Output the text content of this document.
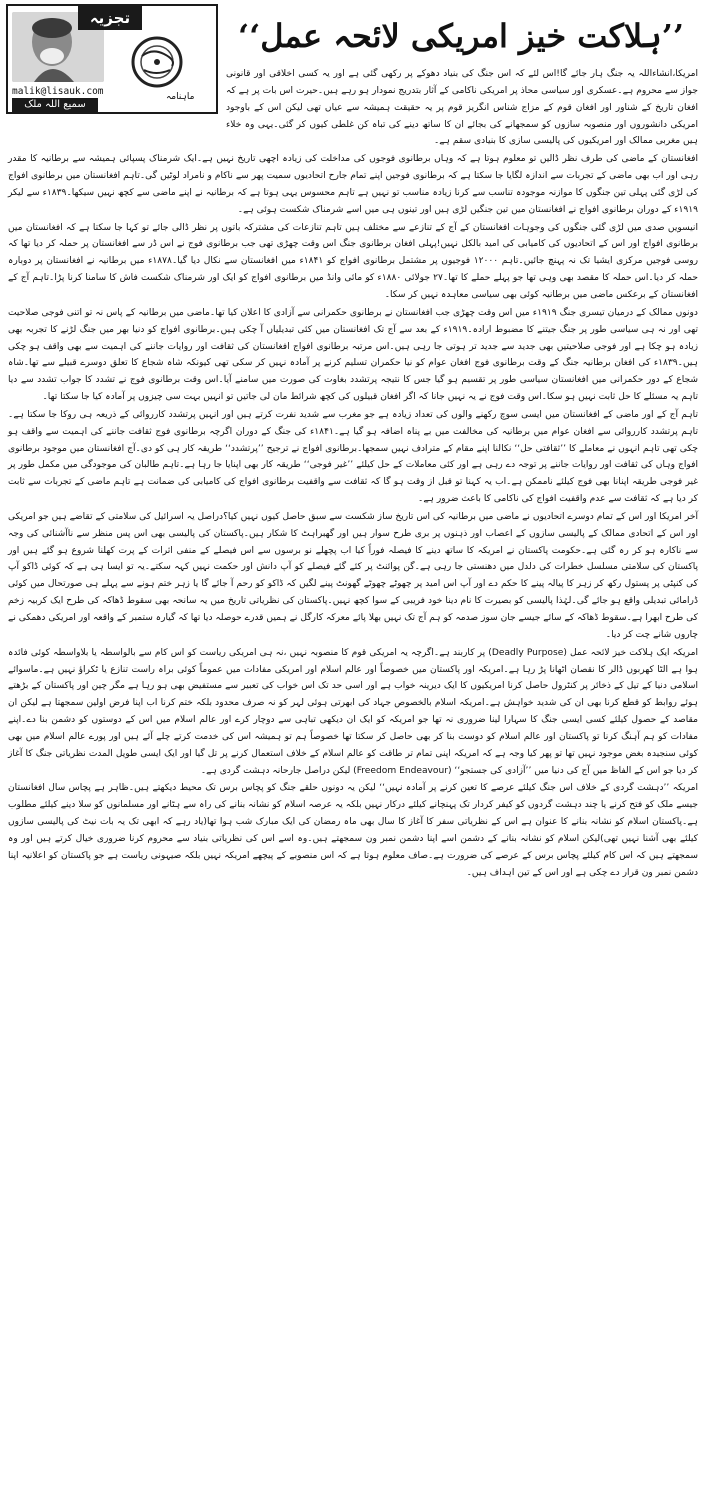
تجزیہ
ماہنامہ
malik@lisauk.com
سمیع اللہ ملک
’’ہلاکت خیز امریکی لائحہ عمل‘‘

امریکا،انشاءاللہ یہ جنگ ہار جائے گا!اس لئے کہ اس جنگ کی بنیاد دھوکے پر رکھی گئی ہے اور یہ کسی اخلاقی اور قانونی جواز سے محروم ہے۔عسکری اور سیاسی محاذ پر امریکی ناکامی کے آثار بتدریج نمودار ہو رہے ہیں۔حیرت اس بات پر ہے کہ افغان تاریخ کے شناور اور افغان قوم کے مزاج شناس انگریز قوم پر یہ حقیقت ہمیشہ سے عیاں تھی لیکن اس کے باوجود امریکی دانشوروں اور منصوبہ سازوں کو سمجھانے کی بجائے ان کا ساتھ دینے کی تباہ کن غلطی کیوں کر گئی۔یہی وہ خلاء ہیں مغربی ممالک اور امریکیوں کی پالیسی سازی کا بنیادی سقم ہے۔

افغانستان کے ماضی کی طرف نظر ڈالیں تو معلوم ہوتا ہے کہ وہاں برطانوی فوجوں کی مداخلت کی زیادہ اچھی تاریخ نہیں ہے۔ایک شرمناک پسپائی ہمیشہ سے برطانیہ کا مقدر رہی اور اب بھی ماضی کے تجربات سے اندازہ لگایا جا سکتا ہے کہ برطانوی فوجیں اپنے تمام جارح اتحادیوں سمیت پھر سے ناکام و نامراد لوٹیں گی۔تاہم افغانستان میں برطانوی افواج کی لڑی گئی پہلی تین جنگوں کا موازنہ موجودہ تناسب سے کرنا زیادہ مناسب تو نہیں ہے تاہم محسوس یہی ہوتا ہے کہ برطانیہ نے اپنے ماضی سے کچھ نہیں سیکھا۔۱۸۳۹ء سے لیکر ۱۹۱۹ء کے دوران برطانوی افواج نے افغانستان میں تین جنگیں لڑی ہیں اور تینوں ہی میں اسے شرمناک شکست ہوئی ہے۔

انیسویں صدی میں لڑی گئی جنگوں کی وجوہات افغانستان کے آج کے تنازعے سے مختلف ہیں تاہم تنازعات کی مشترکہ باتوں پر نظر ڈالی جائے تو کہا جا سکتا ہے کہ افغانستان میں برطانوی افواج اور اس کے اتحادیوں کی کامیابی کی امید بالکل نہیں!پہلی افغان برطانوی جنگ اس وقت چھڑی تھی جب برطانوی فوج نے اس ڈر سے افغانستان پر حملہ کر دیا تھا کہ روسی فوجیں مرکزی ایشیا تک نہ پہنچ جائیں۔تاہم ۱۲۰۰۰ فوجیوں پر مشتمل برطانوی افواج کو ۱۸۴۱ء میں افغانستان سے نکال دیا گیا۔۱۸۷۸ء میں برطانیہ نے افغانستان پر دوبارہ حملہ کر دیا۔اس حملہ کا مقصد بھی وہی تھا جو پہلے حملے کا تھا۔۲۷ جولائی ۱۸۸۰ء کو مائی وانڈ میں برطانوی افواج کو ایک اور شرمناک شکست فاش کا سامنا کرنا پڑا۔تاہم آج کے افغانستان کے برعکس ماضی میں برطانیہ کوئی بھی سیاسی معاہدہ نہیں کر سکا۔

دونوں ممالک کے درمیان تیسری جنگ ۱۹۱۹ء میں اس وقت چھڑی جب افغانستان نے برطانوی حکمرانی سے آزادی کا اعلان کیا تھا۔ماضی میں برطانیہ کے پاس نہ تو اتنی فوجی صلاحیت تھی اور نہ ہی سیاسی طور پر جنگ جیتنے کا مضبوط ارادہ۔۱۹۱۹ء کے بعد سے آج تک افغانستان میں کئی تبدیلیاں آ چکی ہیں۔برطانوی افواج کو دنیا بھر میں جنگ لڑنے کا تجربہ بھی زیادہ ہو چکا ہے اور فوجی صلاحیتیں بھی جدید سے جدید تر ہوتی جا رہی ہیں۔اس مرتبہ برطانوی افواج افغانستان کی ثقافت اور روایات جاننے کی اہمیت سے بھی واقف ہو چکی ہیں۔۱۸۳۹ء کی افغان برطانیہ جنگ کے وقت برطانوی فوج افغان عوام کو نیا حکمران تسلیم کرنے پر آمادہ نہیں کر سکی تھی کیونکہ شاہ شجاع کا تعلق دوسرے قبیلے سے تھا۔شاہ شجاع کے دور حکمرانی میں افغانستان سیاسی طور پر تقسیم ہو گیا جس کا نتیجہ پرتشدد بغاوت کی صورت میں سامنے آیا۔اس وقت برطانوی فوج نے تشدد کا جواب تشدد سے دیا تاہم یہ مسئلے کا حل ثابت نہیں ہو سکا۔اس وقت فوج نے یہ نہیں جانا کہ اگر افغان قبیلوں کی کچھ شرائط مان لی جاتیں تو انہیں بہت سی چیزوں پر آمادہ کیا جا سکتا تھا۔

تاہم آج کے اور ماضی کے افغانستان میں ایسی سوچ رکھنے والوں کی تعداد زیادہ ہے جو مغرب سے شدید نفرت کرتے ہیں اور انہیں پرتشدد کارروائی کے ذریعہ ہی روکا جا سکتا ہے۔تاہم پرتشدد کارروائی سے افغان عوام میں برطانیہ کی مخالفت میں بے پناہ اضافہ ہو گیا ہے۔۱۸۴۱ء کی جنگ کے دوران اگرچہ برطانوی فوج ثقافت جاننے کی اہمیت سے واقف ہو چکی تھی تاہم انہوں نے معاملے کا ’’ثقافتی حل‘‘ نکالنا اپنے مقام کے مترادف نہیں سمجھا۔برطانوی افواج نے ترجیح ’’پرتشدد‘‘ طریقہ کار ہی کو دی۔آج افغانستان میں موجود برطانوی افواج وہاں کی ثقافت اور روایات جاننے پر توجہ دے رہی ہے اور کئی معاملات کے حل کیلئے ’’غیر فوجی‘‘ طریقہ کار بھی اپنایا جا رہا ہے۔تاہم طالبان کی موجودگی میں مکمل طور پر غیر فوجی طریقہ اپنانا بھی فوج کیلئے ناممکن ہے۔اب یہ کہنا تو قبل از وقت ہو گا کہ ثقافت سے واقفیت برطانوی افواج کی کامیابی کی ضمانت ہے تاہم ماضی کے تجربات سے ثابت کر دیا ہے کہ ثقافت سے عدم واقفیت افواج کی ناکامی کا باعث ضرور ہے۔

آخر امریکا اور اس کے تمام دوسرے اتحادیوں نے ماضی میں برطانیہ کی اس تاریخ ساز شکست سے سبق حاصل کیوں نہیں کیا؟دراصل یہ اسرائیل کی سلامتی کے تقاضے ہیں جو امریکی اور اس کے اتحادی ممالک کے پالیسی سازوں کے اعصاب اور ذہنوں پر بری طرح سوار ہیں اور گھبراہٹ کا شکار ہیں۔پاکستان کی پالیسی بھی اس پس منظر سے ناآشنائی کی وجہ سے ناکارہ ہو کر رہ گئی ہے۔حکومت پاکستان نے امریکہ کا ساتھ دینے کا فیصلہ فوراً کیا اب پچھلے نو برسوں سے اس فیصلے کے منفی اثرات کے پرت کھلنا شروع ہو گئے ہیں اور پاکستان کی سلامتی مسلسل خطرات کی دلدل میں دھنستی جا رہی ہے۔گن پوائنٹ پر کئے گئے فیصلے کو آپ دانش اور حکمت نہیں کہہ سکتے۔یہ تو ایسا ہی ہے کہ کوئی ڈاکو آپ کی کنپٹی پر پستول رکھ کر زہر کا پیالہ پینے کا حکم دے اور آپ اس امید پر چھوٹے چھوٹے گھونٹ پینے لگیں کہ ڈاکو کو رحم آ جائے گا یا زہر ختم ہونے سے پہلے ہی صورتحال میں کوئی ڈرامائی تبدیلی واقع ہو جائے گی۔لہٰذا پالیسی کو بصیرت کا نام دینا خود فریبی کے سوا کچھ نہیں۔پاکستان کی نظریاتی تاریخ میں یہ سانحہ بھی سقوط ڈھاکہ کی طرح ایک کربیہ زخم کی طرح ابھرا ہے۔سقوط ڈھاکہ کے سائے جیسے جان سوز صدمہ کو ہم آج تک نہیں بھلا پائے معرکہ کارگل نے ہمیں قدرے حوصلہ دیا تھا کہ گیارہ ستمبر کے واقعہ اور امریکی دھمکی نے چاروں شانے چت کر دیا۔

امریکہ ایک ہلاکت خیز لائحہ عمل (Deadly Purpose) پر کاربند ہے۔اگرچہ یہ امریکی قوم کا منصوبہ نہیں ،نہ ہی امریکی ریاست کو اس کام سے بالواسطہ یا بلاواسطہ کوئی فائدہ ہوا ہے الٹا کھربوں ڈالر کا نقصان اٹھانا پڑ رہا ہے۔امریکہ اور پاکستان میں خصوصاً اور عالم اسلام اور امریکی مفادات میں عموماً کوئی براہ راست تنازع یا ٹکراؤ نہیں ہے۔ماسوائے اسلامی دنیا کے تیل کے ذخائر پر کنٹرول حاصل کرنا امریکیوں کا ایک دیرینہ خواب ہے اور اسی حد تک اس خواب کی تعبیر سے مستفیض بھی ہو رہا ہے مگر چین اور پاکستان کے بڑھتے ہوئے روابط کو قطع کرنا بھی ان کی شدید خواہش ہے۔امریکہ اسلام بالخصوص جہاد کی ابھرتی ہوئی لہر کو نہ صرف محدود بلکہ ختم کرنا اب اپنا فرض اولین سمجھتا ہے لیکن ان مقاصد کے حصول کیلئے کسی ایسی جنگ کا سہارا لینا ضروری نہ تھا جو امریکہ کو ایک ان دیکھی تباہی سے دوچار کرے اور عالم اسلام میں اس کے دوستوں کو دشمن بنا دے۔اپنے مفادات کو ہم آہنگ کرنا تو پاکستان اور عالم اسلام کو دوست بنا کر بھی حاصل کر سکتا تھا خصوصاً ہم تو ہمیشہ اس کی خدمت کرتے چلے آئے ہیں اور پورے عالم اسلام میں بھی کوئی سنجیدہ بغض موجود نہیں تھا تو پھر کیا وجہ ہے کہ امریکہ اپنی تمام تر طاقت کو عالم اسلام کے خلاف استعمال کرنے پر تل گیا اور ایک ایسی طویل المدت نظریاتی جنگ کا آغاز کر دیا جو اس کے الفاظ میں آج کی دنیا میں ’’آزادی کی جستجو‘‘ (Freedom Endeavour) لیکن دراصل جارحانہ دہشت گردی ہے۔

امریکہ ’’دہشت گردی کے خلاف اس جنگ کیلئے عرصے کا تعین کرنے پر آمادہ نہیں‘‘ لیکن یہ دونوں حلقے جنگ کو پچاس برس تک محیط دیکھتے ہیں۔ظاہر ہے پچاس سال افغانستان جیسے ملک کو فتح کرنے یا چند دہشت گردوں کو کیفر کردار تک پہنچانے کیلئے درکار نہیں بلکہ یہ عرصہ اسلام کو نشانہ بنانے کی راہ سے ہٹانے اور مسلمانوں کو سلا دینے کیلئے مطلوب ہے۔پاکستان اسلام کو نشانہ بنانے کا عنوان ہے اس کے نظریاتی سفر کا آغاز کا سال بھی ماہ رمضان کی ایک مبارک شب ہوا تھا(یاد رہے کہ ابھی تک یہ بات نیٹ کی پالیسی سازوں کیلئے بھی آشنا نہیں تھی)لیکن اسلام کو نشانہ بنانے کے دشمن اسے اپنا دشمن نمبر ون سمجھتے ہیں۔وہ اسے اس کی نظریاتی بنیاد سے محروم کرنا ضروری خیال کرتے ہیں اور وہ سمجھتے ہیں کہ اس کام کیلئے پچاس برس کے عرصے کی ضرورت ہے۔صاف معلوم ہوتا ہے کہ اس منصوبے کے پیچھے امریکہ نہیں بلکہ صیہونی ریاست ہے جو پاکستان کو اعلانیہ اپنا دشمن نمبر ون قرار دے چکی ہے اور اس کے تین اہداف ہیں۔
